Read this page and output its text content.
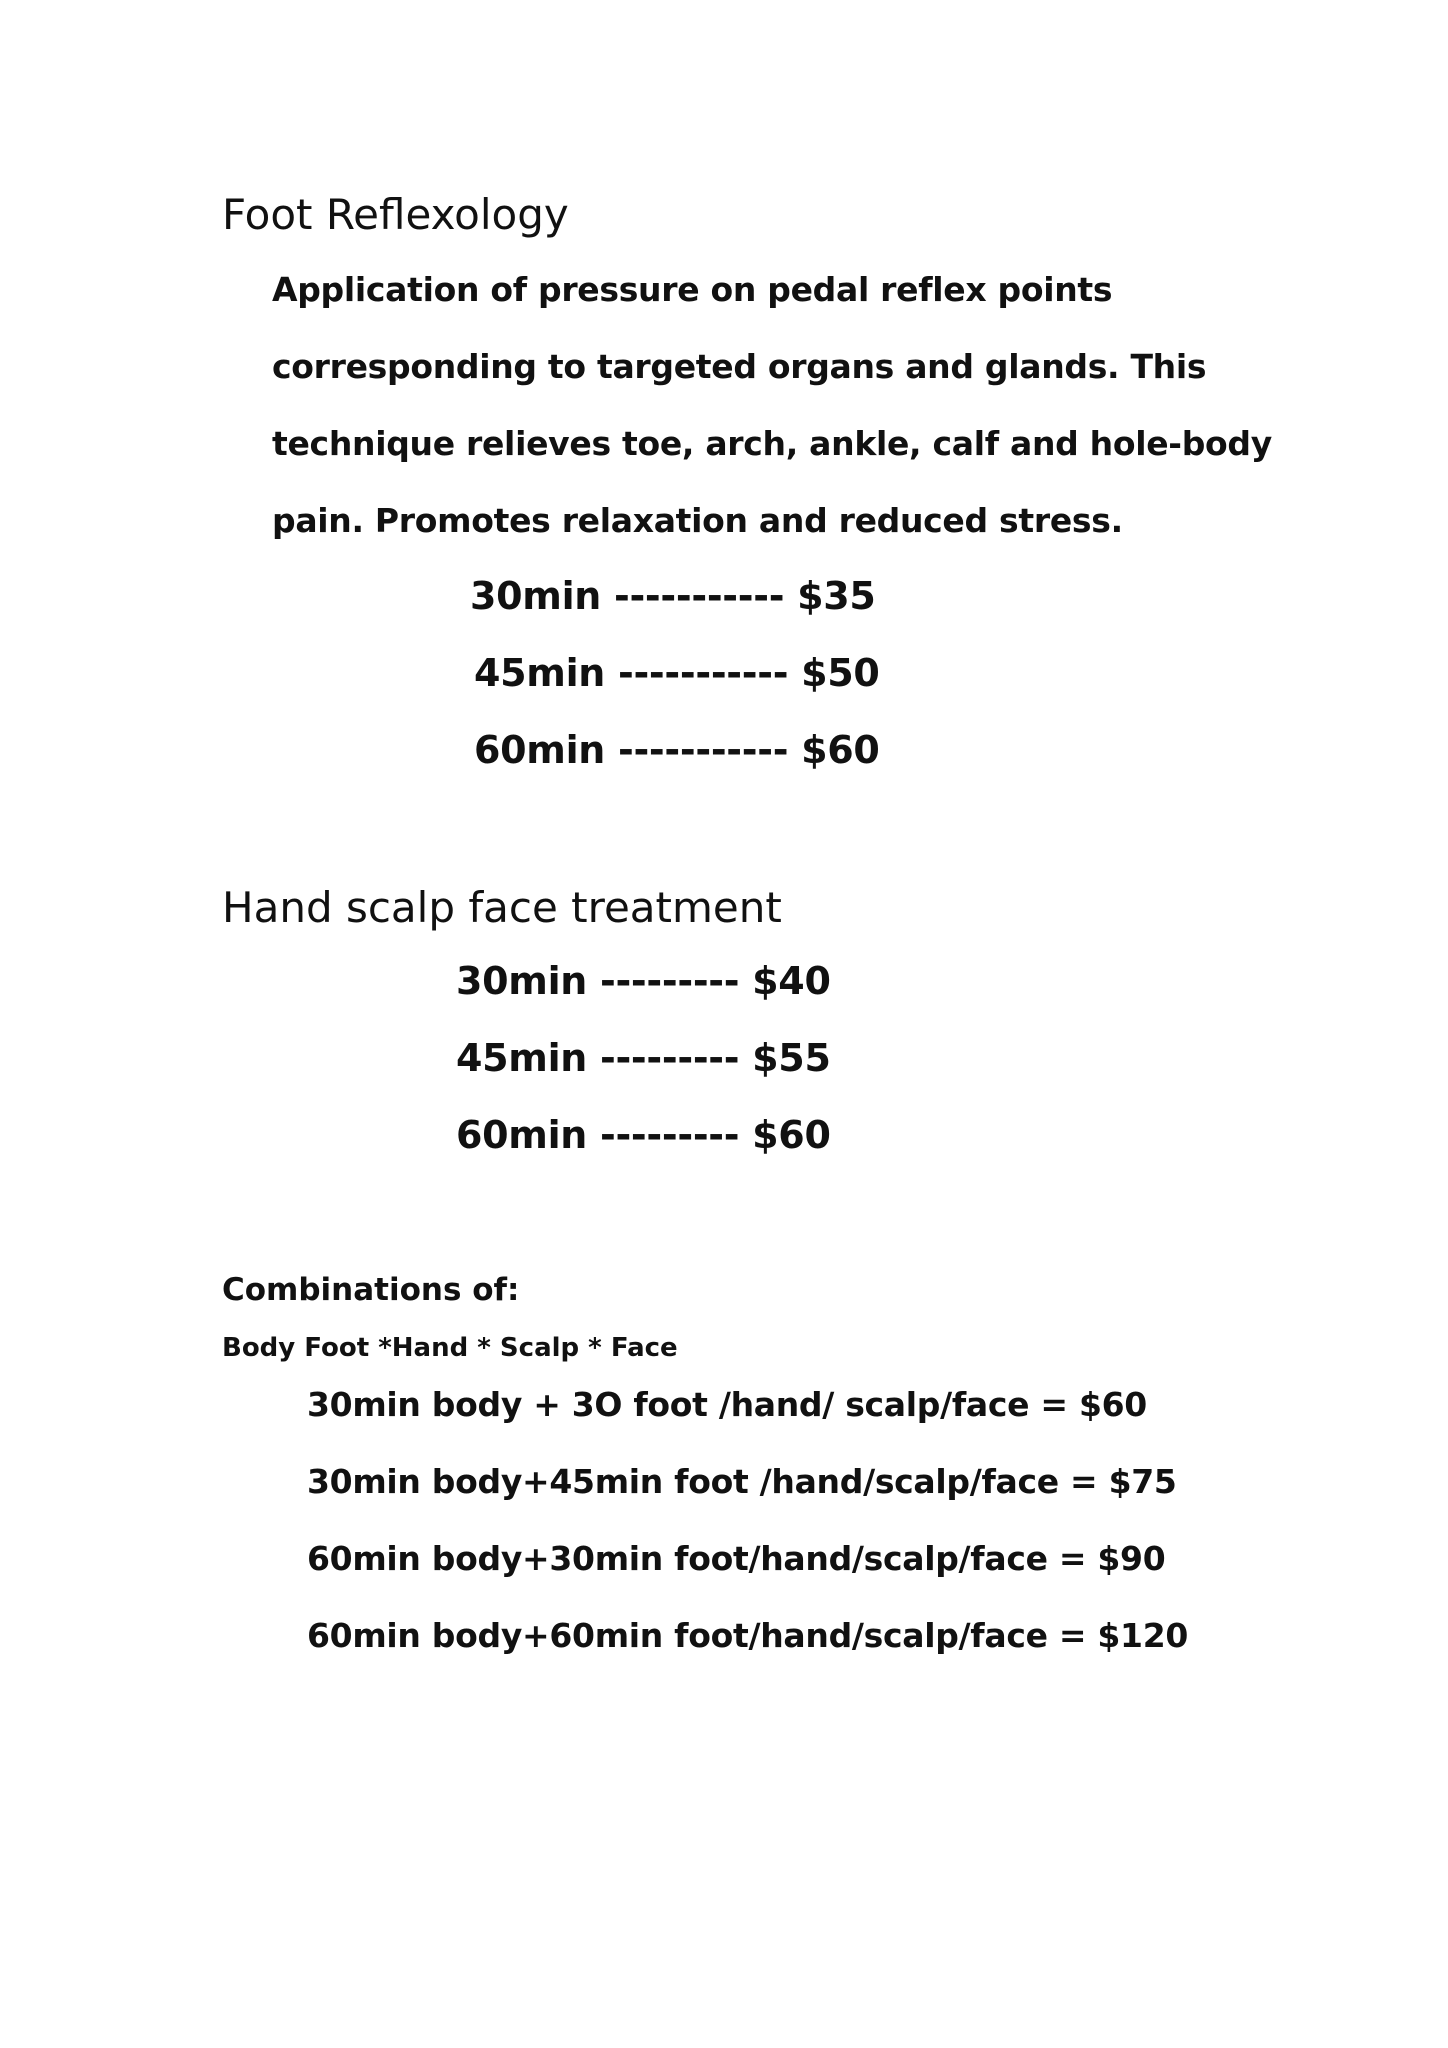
Foot Reflexology
Application of pressure on pedal reflex points
corresponding to targeted organs and glands. This
technique relieves toe, arch, ankle, calf and hole-body
pain. Promotes relaxation and reduced stress.
30min ----------- $35
45min ----------- $50
60min ----------- $60
Hand scalp face treatment
30min --------- $40
45min --------- $55
60min --------- $60
Combinations of:
Body Foot *Hand * Scalp * Face
30min body + 3O foot /hand/ scalp/face = $60
30min body+45min foot /hand/scalp/face = $75
60min body+30min foot/hand/scalp/face = $90
60min body+60min foot/hand/scalp/face = $120
